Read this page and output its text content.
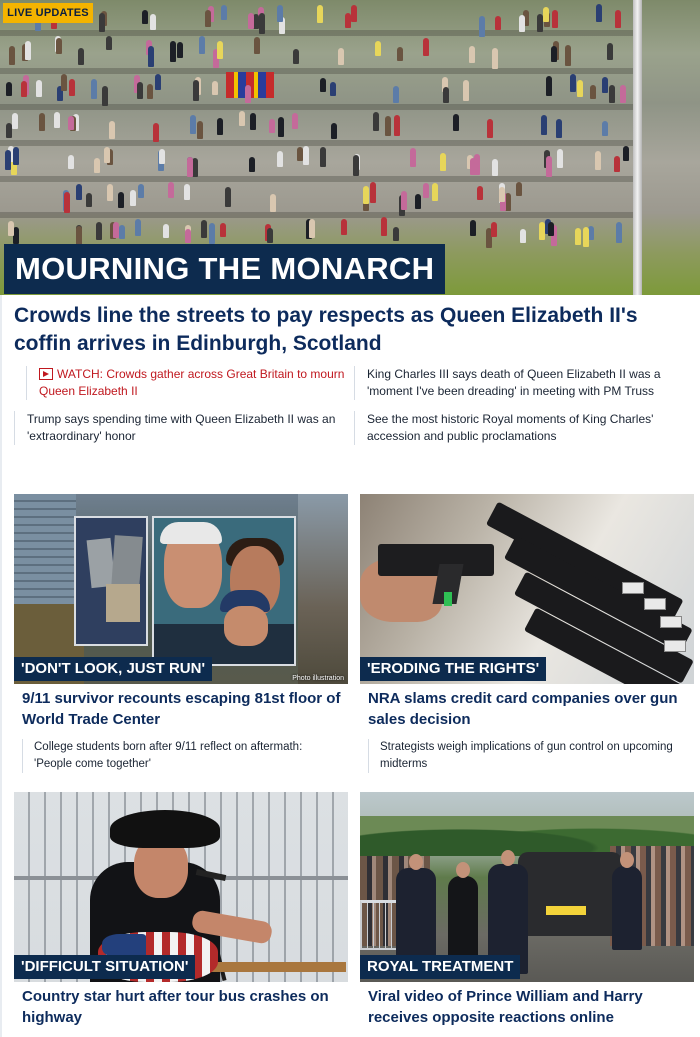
LIVE UPDATES
MOURNING THE MONARCH
Crowds line the streets to pay respects as Queen Elizabeth II's coffin arrives in Edinburgh, Scotland
WATCH: Crowds gather across Great Britain to mourn Queen Elizabeth II
King Charles III says death of Queen Elizabeth II was a 'moment I've been dreading' in meeting with PM Truss
Trump says spending time with Queen Elizabeth II was an 'extraordinary' honor
See the most historic Royal moments of King Charles' accession and public proclamations
Photo illustration
'DON'T LOOK, JUST RUN'
9/11 survivor recounts escaping 81st floor of World Trade Center
College students born after 9/11 reflect on aftermath: 'People come together'
'ERODING THE RIGHTS'
NRA slams credit card companies over gun sales decision
Strategists weigh implications of gun control on upcoming midterms
'DIFFICULT SITUATION'
Country star hurt after tour bus crashes on highway
ROYAL TREATMENT
Viral video of Prince William and Harry receives opposite reactions online
